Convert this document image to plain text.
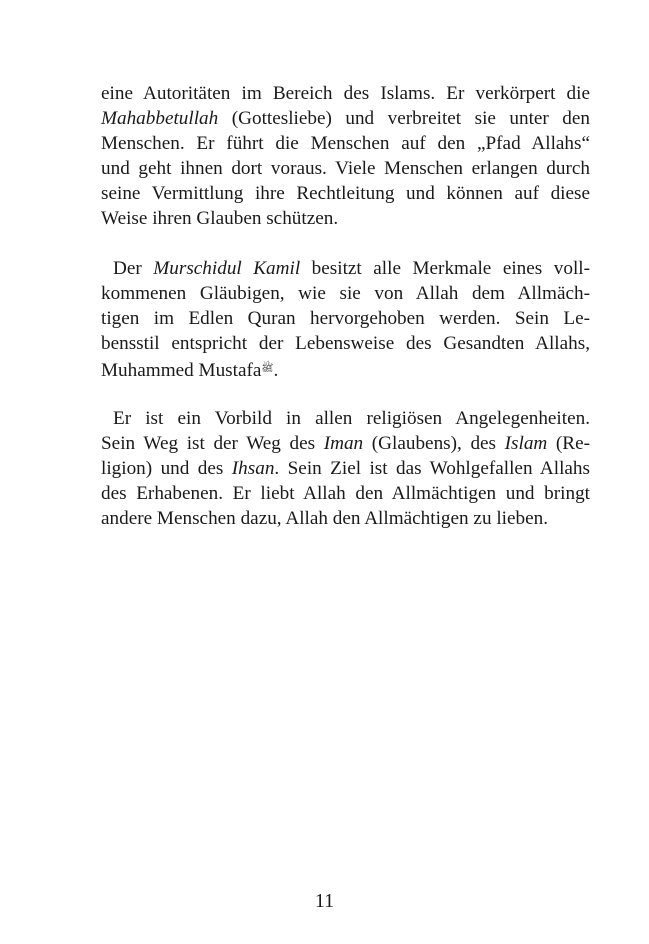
eine Autoritäten im Bereich des Islams. Er verkörpert die
Mahabbetullah (Gottesliebe) und verbreitet sie unter den
Menschen. Er führt die Menschen auf den „Pfad Allahs“
und geht ihnen dort voraus. Viele Menschen erlangen durch
seine Vermittlung ihre Rechtleitung und können auf diese
Weise ihren Glauben schützen.
Der Murschidul Kamil besitzt alle Merkmale eines voll-
kommenen Gläubigen, wie sie von Allah dem Allmäch-
tigen im Edlen Quran hervorgehoben werden. Sein Le-
bensstil entspricht der Lebensweise des Gesandten Allahs,
Muhammed Mustafa$^ﷺ$.
Er ist ein Vorbild in allen religiösen Angelegenheiten.
Sein Weg ist der Weg des Iman (Glaubens), des Islam (Re-
ligion) und des Ihsan. Sein Ziel ist das Wohlgefallen Allahs
des Erhabenen. Er liebt Allah den Allmächtigen und bringt
andere Menschen dazu, Allah den Allmächtigen zu lieben.
11
